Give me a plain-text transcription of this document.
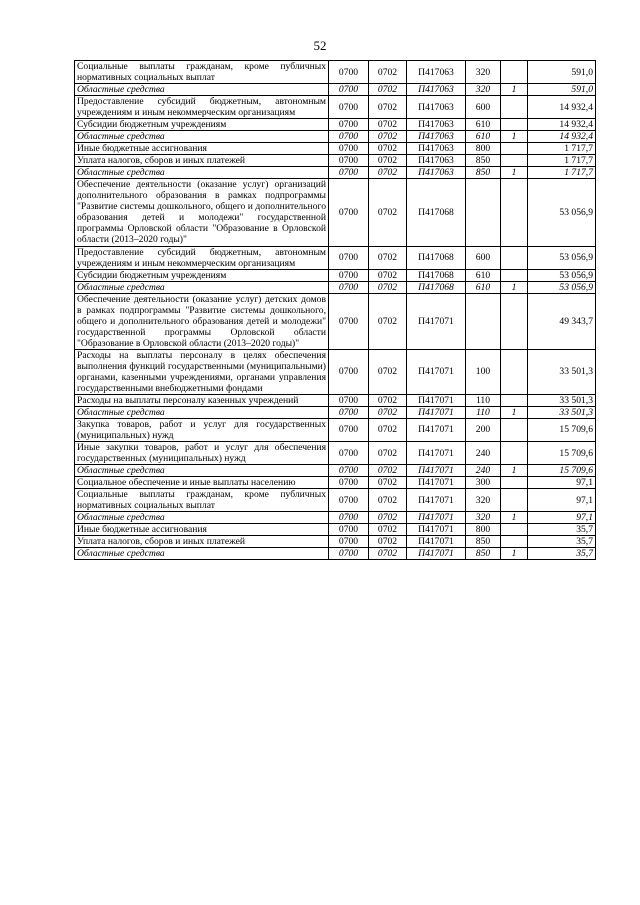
52
Социальные выплаты гражданам, кроме публичных нормативных социальных выплат	0700	0702	П417063	320		591,0
Областные средства	0700	0702	П417063	320	1	591,0
Предоставление субсидий бюджетным, автономным учреждениям и иным некоммерческим организациям	0700	0702	П417063	600		14 932,4
Субсидии бюджетным учреждениям	0700	0702	П417063	610		14 932,4
Областные средства	0700	0702	П417063	610	1	14 932,4
Иные бюджетные ассигнования	0700	0702	П417063	800		1 717,7
Уплата налогов, сборов и иных платежей	0700	0702	П417063	850		1 717,7
Областные средства	0700	0702	П417063	850	1	1 717,7
Обеспечение деятельности (оказание услуг) организаций дополнительного образования в рамках подпрограммы "Развитие системы дошкольного, общего и дополнительного образования детей и молодежи" государственной программы Орловской области "Образование в Орловской области (2013–2020 годы)"	0700	0702	П417068			53 056,9
Предоставление субсидий бюджетным, автономным учреждениям и иным некоммерческим организациям	0700	0702	П417068	600		53 056,9
Субсидии бюджетным учреждениям	0700	0702	П417068	610		53 056,9
Областные средства	0700	0702	П417068	610	1	53 056,9
Обеспечение деятельности (оказание услуг) детских домов в рамках подпрограммы "Развитие системы дошкольного, общего и дополнительного образования детей и молодежи" государственной программы Орловской области "Образование в Орловской области (2013–2020 годы)"	0700	0702	П417071			49 343,7
Расходы на выплаты персоналу в целях обеспечения выполнения функций государственными (муниципальными) органами, казенными учреждениями, органами управления государственными внебюджетными фондами	0700	0702	П417071	100		33 501,3
Расходы на выплаты персоналу казенных учреждений	0700	0702	П417071	110		33 501,3
Областные средства	0700	0702	П417071	110	1	33 501,3
Закупка товаров, работ и услуг для государственных (муниципальных) нужд	0700	0702	П417071	200		15 709,6
Иные закупки товаров, работ и услуг для обеспечения государственных (муниципальных) нужд	0700	0702	П417071	240		15 709,6
Областные средства	0700	0702	П417071	240	1	15 709,6
Социальное обеспечение и иные выплаты населению	0700	0702	П417071	300		97,1
Социальные выплаты гражданам, кроме публичных нормативных социальных выплат	0700	0702	П417071	320		97,1
Областные средства	0700	0702	П417071	320	1	97,1
Иные бюджетные ассигнования	0700	0702	П417071	800		35,7
Уплата налогов, сборов и иных платежей	0700	0702	П417071	850		35,7
Областные средства	0700	0702	П417071	850	1	35,7
